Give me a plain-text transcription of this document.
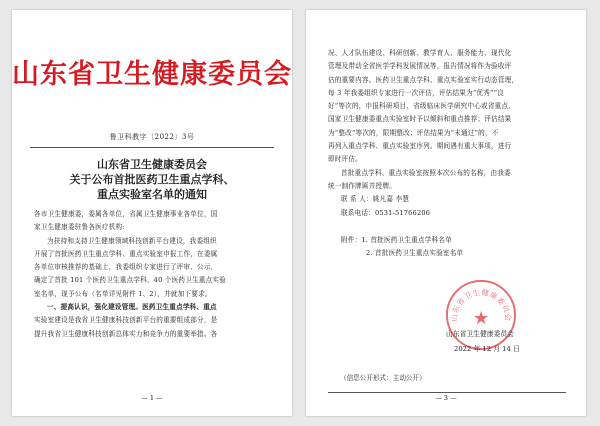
山东省卫生健康委员会
鲁卫科教字〔2022〕3号
山东省卫生健康委员会
关于公布首批医药卫生重点学科、
重点实验室名单的通知

各市卫生健康委，委属各单位，省属卫生健康事业各单位，国

家卫生健康委驻鲁各医疗机构:

为扶持和支持卫生健康领域科技创新平台建设，我委组织

开展了首批医药卫生重点学科、重点实验室申报工作，在委属

各单位审核推荐的基础上，我委组织专家进行了评审、公示，

确定了首批 101 个医药卫生重点学科、40 个医药卫生重点实验

室名单，现予公布（名单详见附件 1、2），并就加下要求。

一、提高认识，强化建设管理。医药卫生重点学科、重点

实验室建设是我省卫生健康科技创新平台的重要组成部分，是

提升我省卫生健康科技创新总体实力和竞争力的重要举措。各

— 1 —

况、人才队伍建设、科研创新、教学育人、服务能力、现代化

管理及带动全省医学学科发展情况等，报告情况将作为验收评

估的重要内容。医药卫生重点学科、重点实验室实行动态管理，

每 3 年我委组织专家进行一次评估，评估结果为“优秀”“良

好”等次的，申报科研项目、省级临床医学研究中心或省重点、

国家卫生健康委重点实验室时予以倾斜和重点推荐；评估结果

为“整改”等次的，限期整改；评估结果为“未通过”的，不

再列入重点学科、重点实验室序列。期间遇有重大事项，进行

即时评估。

首批重点学科、重点实验室按照本次公布的名称，由我委

统一制作牌匾并授牌。

联 系 人：姚凡嘉 李慧

联系电话：0531-51766206

附件：1. 首批医药卫生重点学科名单

2. 首批医药卫生重点实验室名单

山东省卫生健康委员会
★
山东省卫生健康委员会
2022 年 12 月 14 日
（信息公开形式：主动公开）
— 3 —
